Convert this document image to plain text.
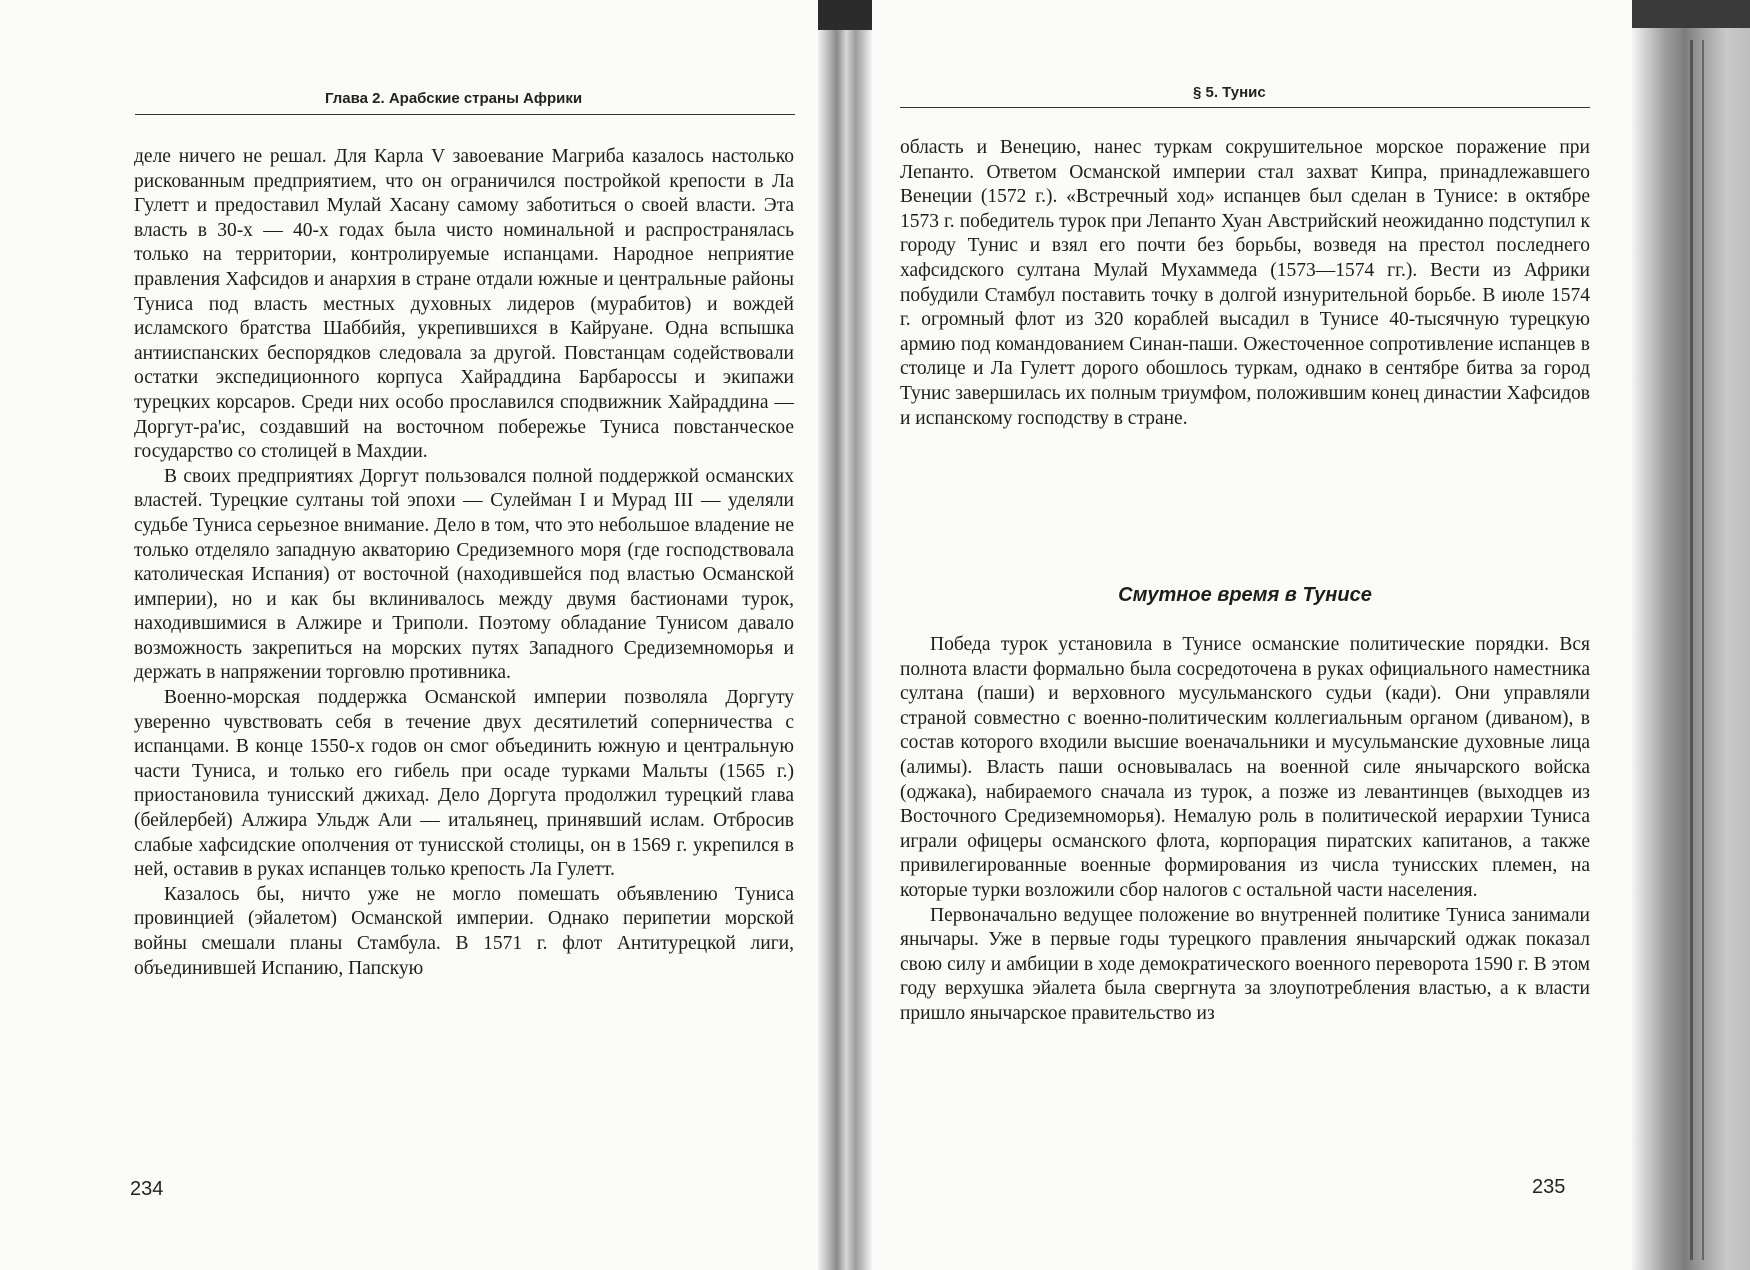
Глава 2. Арабские страны Африки

деле ничего не решал. Для Карла V завоевание Магриба казалось настолько рискованным предприятием, что он ограничился постройкой крепости в Ла Гулетт и предоставил Мулай Хасану самому заботиться о своей власти. Эта власть в 30-х — 40-х годах была чисто номинальной и распространялась только на территории, контролируемые испанцами. Народное неприятие правления Хафсидов и анархия в стране отдали южные и центральные районы Туниса под власть местных духовных лидеров (мурабитов) и вождей исламского братства Шаббийя, укрепившихся в Кайруане. Одна вспышка антииспанских беспорядков следовала за другой. Повстанцам содействовали остатки экспедиционного корпуса Хайраддина Барбароссы и экипажи турецких корсаров. Среди них особо прославился сподвижник Хайраддина — Доргут-ра'ис, создавший на восточном побережье Туниса повстанческое государство со столицей в Махдии.

В своих предприятиях Доргут пользовался полной поддержкой османских властей. Турецкие султаны той эпохи — Сулейман I и Мурад III — уделяли судьбе Туниса серьезное внимание. Дело в том, что это небольшое владение не только отделяло западную акваторию Средиземного моря (где господствовала католическая Испания) от восточной (находившейся под властью Османской империи), но и как бы вклинивалось между двумя бастионами турок, находившимися в Алжире и Триполи. Поэтому обладание Тунисом давало возможность закрепиться на морских путях Западного Средиземноморья и держать в напряжении торговлю противника.

Военно-морская поддержка Османской империи позволяла Доргуту уверенно чувствовать себя в течение двух десятилетий соперничества с испанцами. В конце 1550-х годов он смог объединить южную и центральную части Туниса, и только его гибель при осаде турками Мальты (1565 г.) приостановила тунисский джихад. Дело Доргута продолжил турецкий глава (бейлербей) Алжира Ульдж Али — итальянец, принявший ислам. Отбросив слабые хафсидские ополчения от тунисской столицы, он в 1569 г. укрепился в ней, оставив в руках испанцев только крепость Ла Гулетт.

Казалось бы, ничто уже не могло помешать объявлению Туниса провинцией (эйалетом) Османской империи. Однако перипетии морской войны смешали планы Стамбула. В 1571 г. флот Антитурецкой лиги, объединившей Испанию, Папскую

234
§ 5. Тунис

область и Венецию, нанес туркам сокрушительное морское поражение при Лепанто. Ответом Османской империи стал захват Кипра, принадлежавшего Венеции (1572 г.). «Встречный ход» испанцев был сделан в Тунисе: в октябре 1573 г. победитель турок при Лепанто Хуан Австрийский неожиданно подступил к городу Тунис и взял его почти без борьбы, возведя на престол последнего хафсидского султана Мулай Мухаммеда (1573—1574 гг.). Вести из Африки побудили Стамбул поставить точку в долгой изнурительной борьбе. В июле 1574 г. огромный флот из 320 кораблей высадил в Тунисе 40-тысячную турецкую армию под командованием Синан-паши. Ожесточенное сопротивление испанцев в столице и Ла Гулетт дорого обошлось туркам, однако в сентябре битва за город Тунис завершилась их полным триумфом, положившим конец династии Хафсидов и испанскому господству в стране.

Смутное время в Тунисе

Победа турок установила в Тунисе османские политические порядки. Вся полнота власти формально была сосредоточена в руках официального наместника султана (паши) и верховного мусульманского судьи (кади). Они управляли страной совместно с военно-политическим коллегиальным органом (диваном), в состав которого входили высшие военачальники и мусульманские духовные лица (алимы). Власть паши основывалась на военной силе янычарского войска (оджака), набираемого сначала из турок, а позже из левантинцев (выходцев из Восточного Средиземноморья). Немалую роль в политической иерархии Туниса играли офицеры османского флота, корпорация пиратских капитанов, а также привилегированные военные формирования из числа тунисских племен, на которые турки возложили сбор налогов с остальной части населения.

Первоначально ведущее положение во внутренней политике Туниса занимали янычары. Уже в первые годы турецкого правления янычарский оджак показал свою силу и амбиции в ходе демократического военного переворота 1590 г. В этом году верхушка эйалета была свергнута за злоупотребления властью, а к власти пришло янычарское правительство из

235
